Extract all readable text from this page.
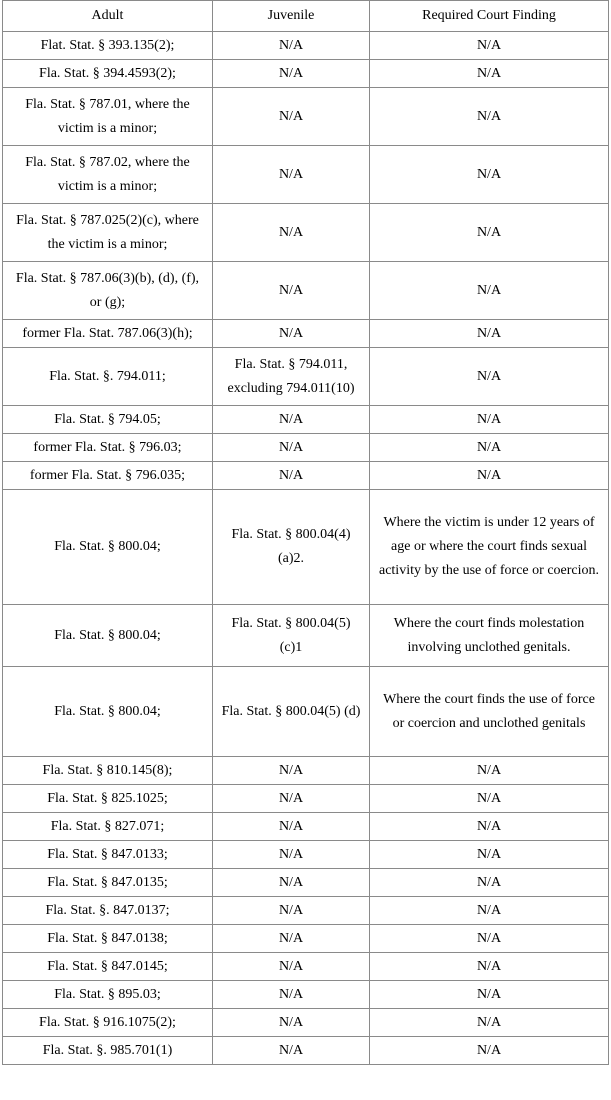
Adult	Juvenile	Required Court Finding
Flat. Stat. § 393.135(2);	N/A	N/A
Fla. Stat. § 394.4593(2);	N/A	N/A
Fla. Stat. § 787.01, where the victim is a minor;	N/A	N/A
Fla. Stat. § 787.02, where the victim is a minor;	N/A	N/A
Fla. Stat. § 787.025(2)(c), where the victim is a minor;	N/A	N/A
Fla. Stat. § 787.06(3)(b), (d), (f), or (g);	N/A	N/A
former Fla. Stat. 787.06(3)(h);	N/A	N/A
Fla. Stat. §. 794.011;	Fla. Stat. § 794.011, excluding 794.011(10)	N/A
Fla. Stat. § 794.05;	N/A	N/A
former Fla. Stat. § 796.03;	N/A	N/A
former Fla. Stat. § 796.035;	N/A	N/A
Fla. Stat. § 800.04;	Fla. Stat. § 800.04(4) (a)2.	Where the victim is under 12 years of age or where the court finds sexual activity by the use of force or coercion.
Fla. Stat. § 800.04;	Fla. Stat. § 800.04(5) (c)1	Where the court finds molestation involving unclothed genitals.
Fla. Stat. § 800.04;	Fla. Stat. § 800.04(5) (d)	Where the court finds the use of force or coercion and unclothed genitals
Fla. Stat. § 810.145(8);	N/A	N/A
Fla. Stat. § 825.1025;	N/A	N/A
Fla. Stat. § 827.071;	N/A	N/A
Fla. Stat. § 847.0133;	N/A	N/A
Fla. Stat. § 847.0135;	N/A	N/A
Fla. Stat. §. 847.0137;	N/A	N/A
Fla. Stat. § 847.0138;	N/A	N/A
Fla. Stat. § 847.0145;	N/A	N/A
Fla. Stat. § 895.03;	N/A	N/A
Fla. Stat. § 916.1075(2);	N/A	N/A
Fla. Stat. §. 985.701(1)	N/A	N/A
